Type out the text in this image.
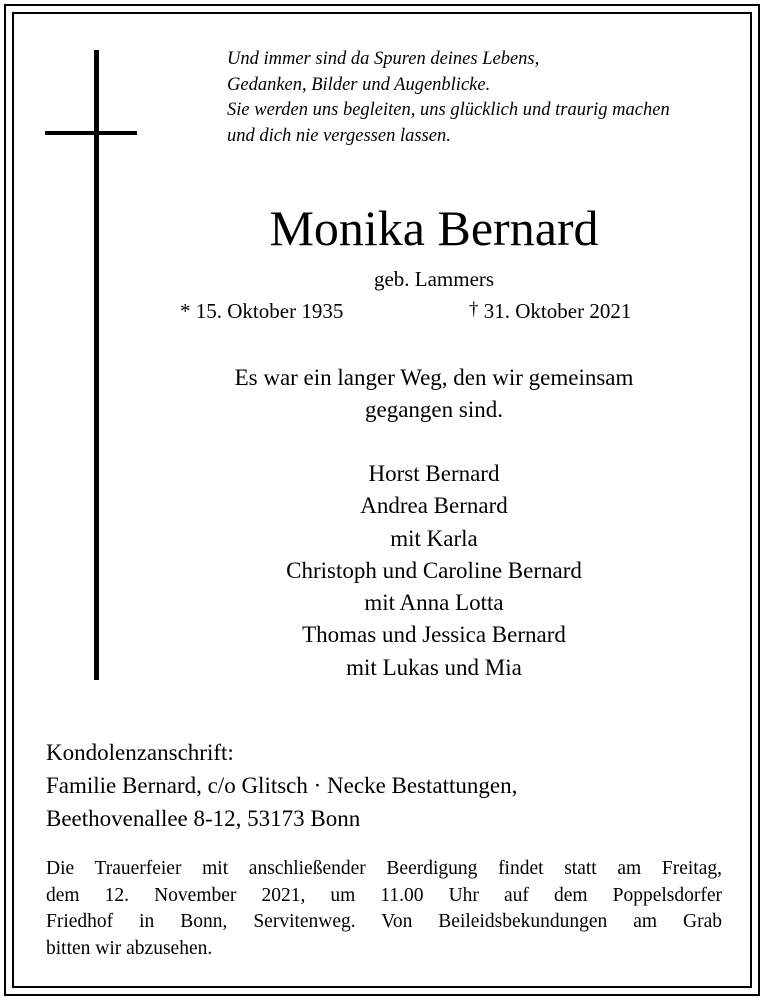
Und immer sind da Spuren deines Lebens,
Gedanken, Bilder und Augenblicke.
Sie werden uns begleiten, uns glücklich und traurig machen
und dich nie vergessen lassen.
Monika Bernard
geb. Lammers
* 15. Oktober 1935	† 31. Oktober 2021
Es war ein langer Weg, den wir gemeinsam
gegangen sind.
Horst Bernard
Andrea Bernard
mit Karla
Christoph und Caroline Bernard
mit Anna Lotta
Thomas und Jessica Bernard
mit Lukas und Mia
Kondolenzanschrift:
Familie Bernard, c/o Glitsch · Necke Bestattungen,
Beethovenallee 8-12, 53173 Bonn
Die Trauerfeier mit anschließender Beerdigung findet statt am Freitag,
dem 12. November 2021, um 11.00 Uhr auf dem Poppelsdorfer
Friedhof in Bonn, Servitenweg. Von Beileidsbekundungen am Grab
bitten wir abzusehen.
